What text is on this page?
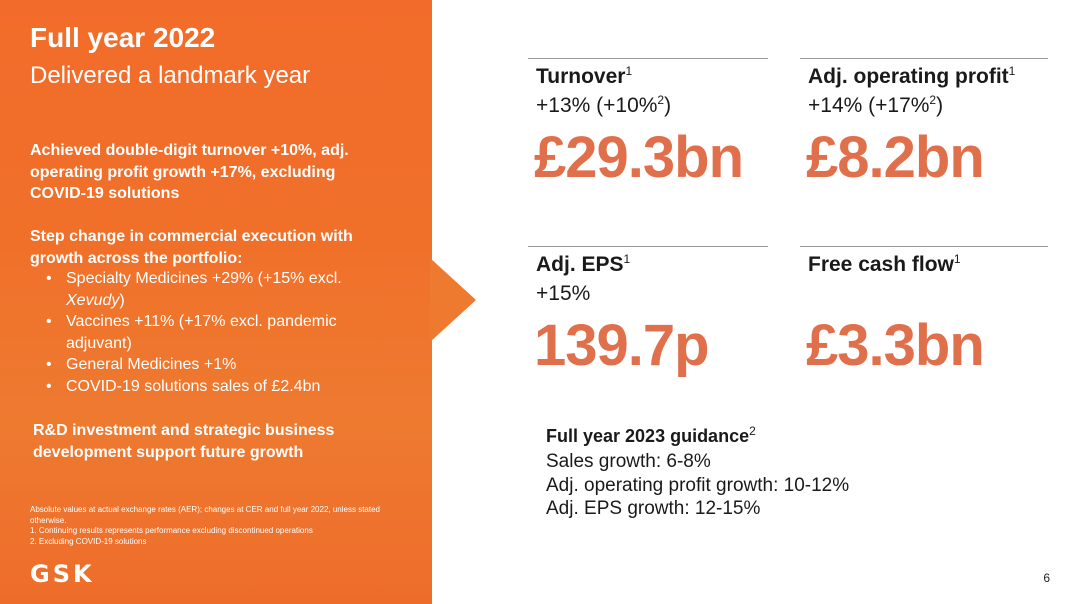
Full year 2022
Delivered a landmark year
Achieved double-digit turnover +10%, adj. operating profit growth +17%, excluding COVID-19 solutions
Step change in commercial execution with growth across the portfolio:
• Specialty Medicines +29% (+15% excl. Xevudy)
• Vaccines +11% (+17% excl. pandemic adjuvant)
• General Medicines +1%
• COVID-19 solutions sales of £2.4bn
R&D investment and strategic business development support future growth
Absolute values at actual exchange rates (AER); changes at CER and full year 2022, unless stated otherwise.
1. Continuing results represents performance excluding discontinued operations
2. Excluding COVID-19 solutions
GSK
Turnover$^1$
+13% (+10%$^2$)
£29.3bn
Adj. operating profit$^1$
+14% (+17%$^2$)
£8.2bn
Adj. $EPS^1$
+15%
139.7p
Free cash flow$^1$
£3.3bn
Full year 2023 guidance$^2$
Sales growth: 6-8%
Adj. operating profit growth: 10-12%
Adj. EPS growth: 12-15%
6
